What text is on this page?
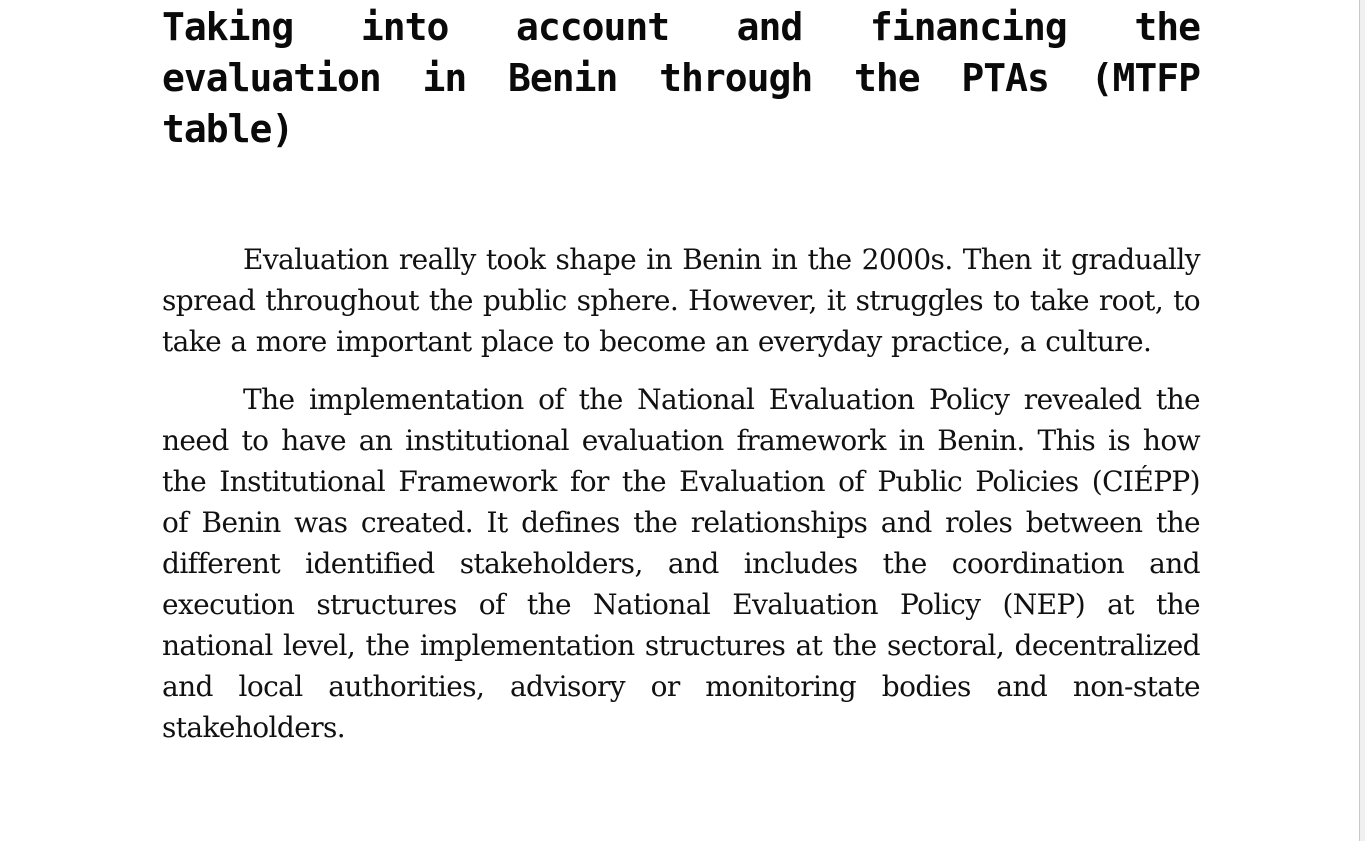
Taking into account and financing the evaluation in Benin through the PTAs (MTFP table)

Evaluation really took shape in Benin in the 2000s. Then it gradually spread throughout the public sphere. However, it struggles to take root, to take a more important place to become an everyday practice, a culture.

The implementation of the National Evaluation Policy revealed the need to have an institutional evaluation framework in Benin. This is how the Institutional Framework for the Evaluation of Public Policies (CIÉPP) of Benin was created. It defines the relationships and roles between the different identified stakeholders, and includes the coordination and execution structures of the National Evaluation Policy (NEP) at the national level, the implementation structures at the sectoral, decentralized and local authorities, advisory or monitoring bodies and non-state stakeholders.
